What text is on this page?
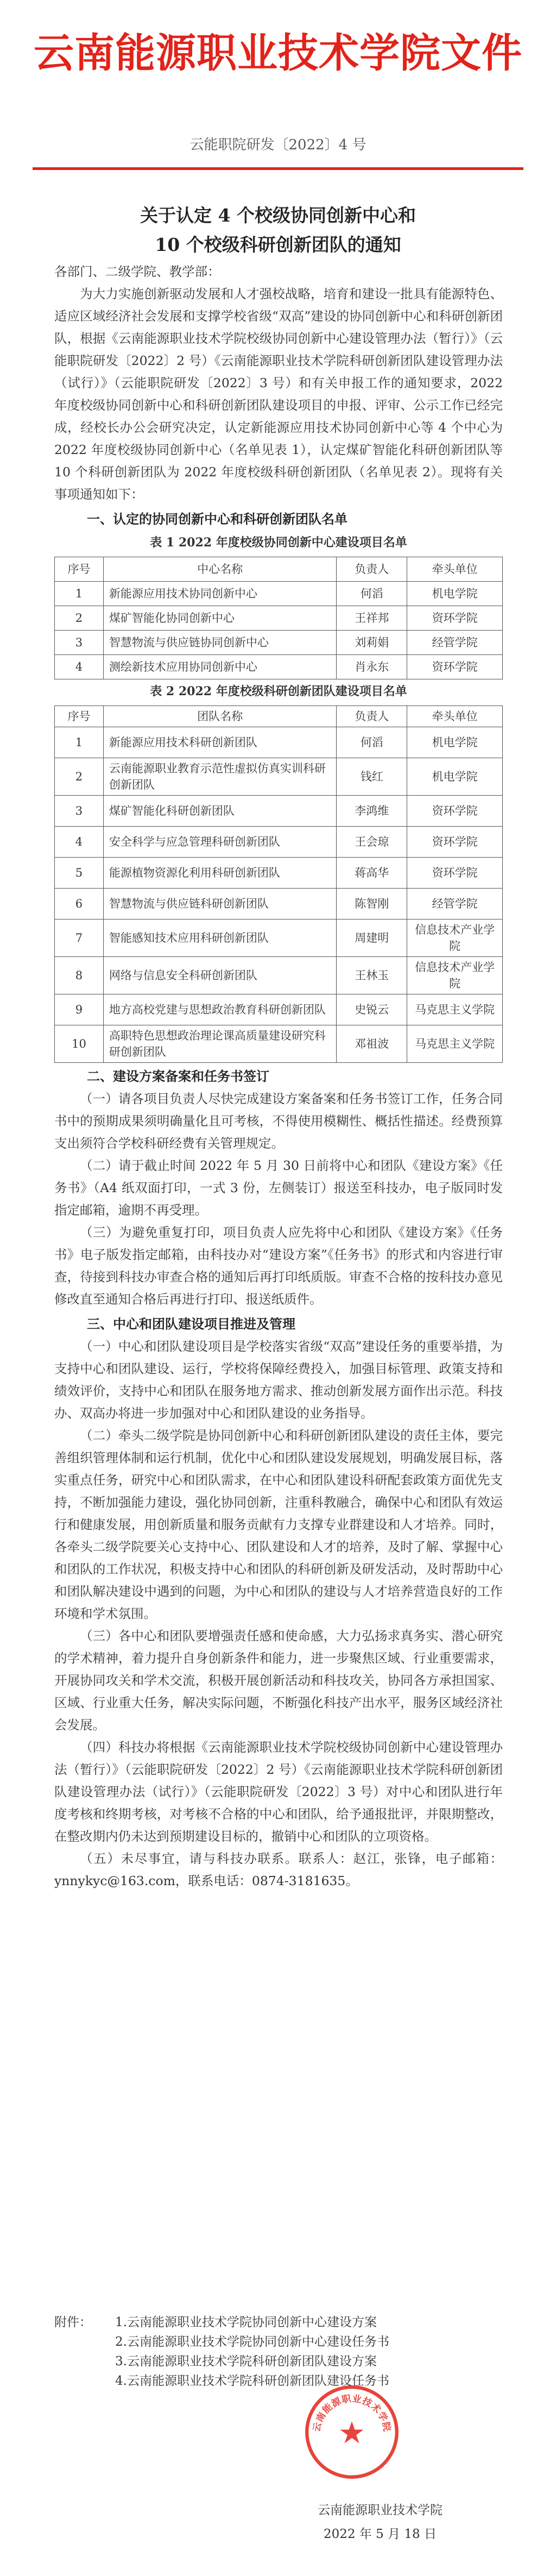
云南能源职业技术学院文件
云能职院研发〔2022〕4 号
关于认定 4 个校级协同创新中心和
10 个校级科研创新团队的通知

各部门、二级学院、教学部：

为大力实施创新驱动发展和人才强校战略，培育和建设一批具有能源特色、适应区域经济社会发展和支撑学校省级“双高”建设的协同创新中心和科研创新团队，根据《云南能源职业技术学院校级协同创新中心建设管理办法（暂行）》（云能职院研发〔2022〕2 号）《云南能源职业技术学院科研创新团队建设管理办法（试行）》（云能职院研发〔2022〕3 号）和有关申报工作的通知要求，2022 年度校级协同创新中心和科研创新团队建设项目的申报、评审、公示工作已经完成，经校长办公会研究决定，认定新能源应用技术协同创新中心等 4 个中心为 2022 年度校级协同创新中心（名单见表 1），认定煤矿智能化科研创新团队等 10 个科研创新团队为 2022 年度校级科研创新团队（名单见表 2）。现将有关事项通知如下：

一、认定的协同创新中心和科研创新团队名单
表 1 2022 年度校级协同创新中心建设项目名单
序号	中心名称	负责人	牵头单位
1	新能源应用技术协同创新中心	何滔	机电学院
2	煤矿智能化协同创新中心	王祥邦	资环学院
3	智慧物流与供应链协同创新中心	刘莉娟	经管学院
4	测绘新技术应用协同创新中心	肖永东	资环学院
表 2 2022 年度校级科研创新团队建设项目名单
序号	团队名称	负责人	牵头单位
1	新能源应用技术科研创新团队	何滔	机电学院
2	云南能源职业教育示范性虚拟仿真实训科研创新团队	钱红	机电学院
3	煤矿智能化科研创新团队	李鸿维	资环学院
4	安全科学与应急管理科研创新团队	王会琼	资环学院
5	能源植物资源化利用科研创新团队	蒋高华	资环学院
6	智慧物流与供应链科研创新团队	陈智刚	经管学院
7	智能感知技术应用科研创新团队	周建明	信息技术产业学院
8	网络与信息安全科研创新团队	王林玉	信息技术产业学院
9	地方高校党建与思想政治教育科研创新团队	史锐云	马克思主义学院
10	高职特色思想政治理论课高质量建设研究科研创新团队	邓祖波	马克思主义学院
二、建设方案备案和任务书签订

（一）请各项目负责人尽快完成建设方案备案和任务书签订工作，任务合同书中的预期成果须明确量化且可考核，不得使用模糊性、概括性描述。经费预算支出须符合学校科研经费有关管理规定。

（二）请于截止时间 2022 年 5 月 30 日前将中心和团队《建设方案》《任务书》（A4 纸双面打印，一式 3 份，左侧装订）报送至科技办，电子版同时发指定邮箱，逾期不再受理。

（三）为避免重复打印，项目负责人应先将中心和团队《建设方案》《任务书》电子版发指定邮箱，由科技办对“建设方案”《任务书》的形式和内容进行审查，待接到科技办审查合格的通知后再打印纸质版。审查不合格的按科技办意见修改直至通知合格后再进行打印、报送纸质件。

三、中心和团队建设项目推进及管理

（一）中心和团队建设项目是学校落实省级“双高”建设任务的重要举措，为支持中心和团队建设、运行，学校将保障经费投入，加强目标管理、政策支持和绩效评价，支持中心和团队在服务地方需求、推动创新发展方面作出示范。科技办、双高办将进一步加强对中心和团队建设的业务指导。

（二）牵头二级学院是协同创新中心和科研创新团队建设的责任主体，要完善组织管理体制和运行机制，优化中心和团队建设发展规划，明确发展目标，落实重点任务，研究中心和团队需求，在中心和团队建设科研配套政策方面优先支持，不断加强能力建设，强化协同创新，注重科教融合，确保中心和团队有效运行和健康发展，用创新质量和服务贡献有力支撑专业群建设和人才培养。同时，各牵头二级学院要关心支持中心、团队建设和人才的培养，及时了解、掌握中心和团队的工作状况，积极支持中心和团队的科研创新及研发活动，及时帮助中心和团队解决建设中遇到的问题，为中心和团队的建设与人才培养营造良好的工作环境和学术氛围。

（三）各中心和团队要增强责任感和使命感，大力弘扬求真务实、潜心研究的学术精神，着力提升自身创新条件和能力，进一步聚焦区域、行业重要需求，开展协同攻关和学术交流，积极开展创新活动和科技攻关，协同各方承担国家、区域、行业重大任务，解决实际问题，不断强化科技产出水平，服务区域经济社会发展。

（四）科技办将根据《云南能源职业技术学院校级协同创新中心建设管理办法（暂行）》（云能职院研发〔2022〕2 号）《云南能源职业技术学院科研创新团队建设管理办法（试行）》（云能职院研发〔2022〕3 号）对中心和团队进行年度考核和终期考核，对考核不合格的中心和团队，给予通报批评，并限期整改，在整改期内仍未达到预期建设目标的，撤销中心和团队的立项资格。

（五）未尽事宜，请与科技办联系。联系人：赵江，张锋，电子邮箱：ynnykyc@163.com，联系电话：0874-3181635。

附件： 1.云南能源职业技术学院协同创新中心建设方案
2.云南能源职业技术学院协同创新中心建设任务书
3.云南能源职业技术学院科研创新团队建设方案
4.云南能源职业技术学院科研创新团队建设任务书
云南能源职业技术学院
云南能源职业技术学院
2022 年 5 月 18 日
